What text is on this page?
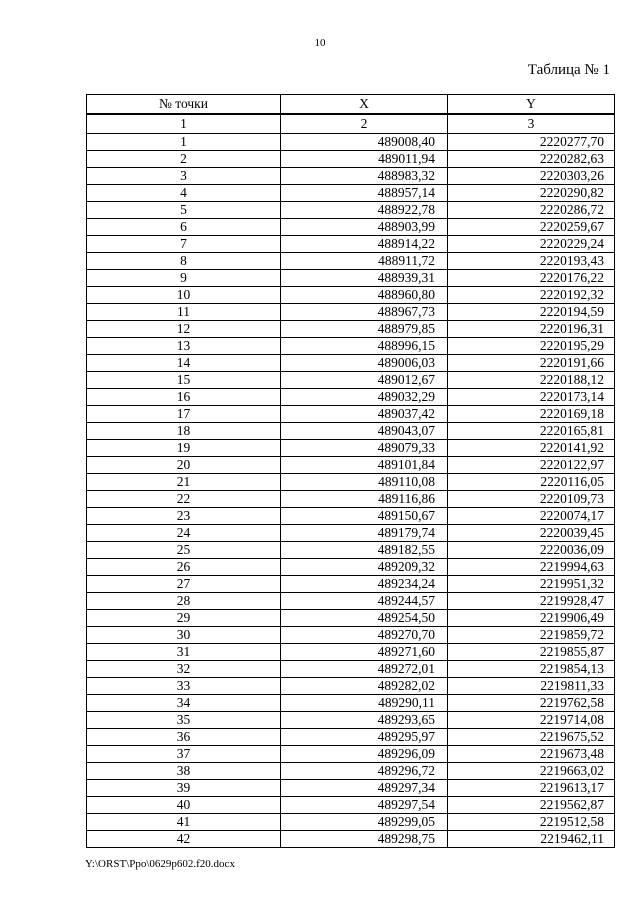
10
Таблица № 1
№ точки	X	Y
1	2	3
1	489008,40	2220277,70
2	489011,94	2220282,63
3	488983,32	2220303,26
4	488957,14	2220290,82
5	488922,78	2220286,72
6	488903,99	2220259,67
7	488914,22	2220229,24
8	488911,72	2220193,43
9	488939,31	2220176,22
10	488960,80	2220192,32
11	488967,73	2220194,59
12	488979,85	2220196,31
13	488996,15	2220195,29
14	489006,03	2220191,66
15	489012,67	2220188,12
16	489032,29	2220173,14
17	489037,42	2220169,18
18	489043,07	2220165,81
19	489079,33	2220141,92
20	489101,84	2220122,97
21	489110,08	2220116,05
22	489116,86	2220109,73
23	489150,67	2220074,17
24	489179,74	2220039,45
25	489182,55	2220036,09
26	489209,32	2219994,63
27	489234,24	2219951,32
28	489244,57	2219928,47
29	489254,50	2219906,49
30	489270,70	2219859,72
31	489271,60	2219855,87
32	489272,01	2219854,13
33	489282,02	2219811,33
34	489290,11	2219762,58
35	489293,65	2219714,08
36	489295,97	2219675,52
37	489296,09	2219673,48
38	489296,72	2219663,02
39	489297,34	2219613,17
40	489297,54	2219562,87
41	489299,05	2219512,58
42	489298,75	2219462,11
Y:\ORST\Ppo\0629p602.f20.docx
